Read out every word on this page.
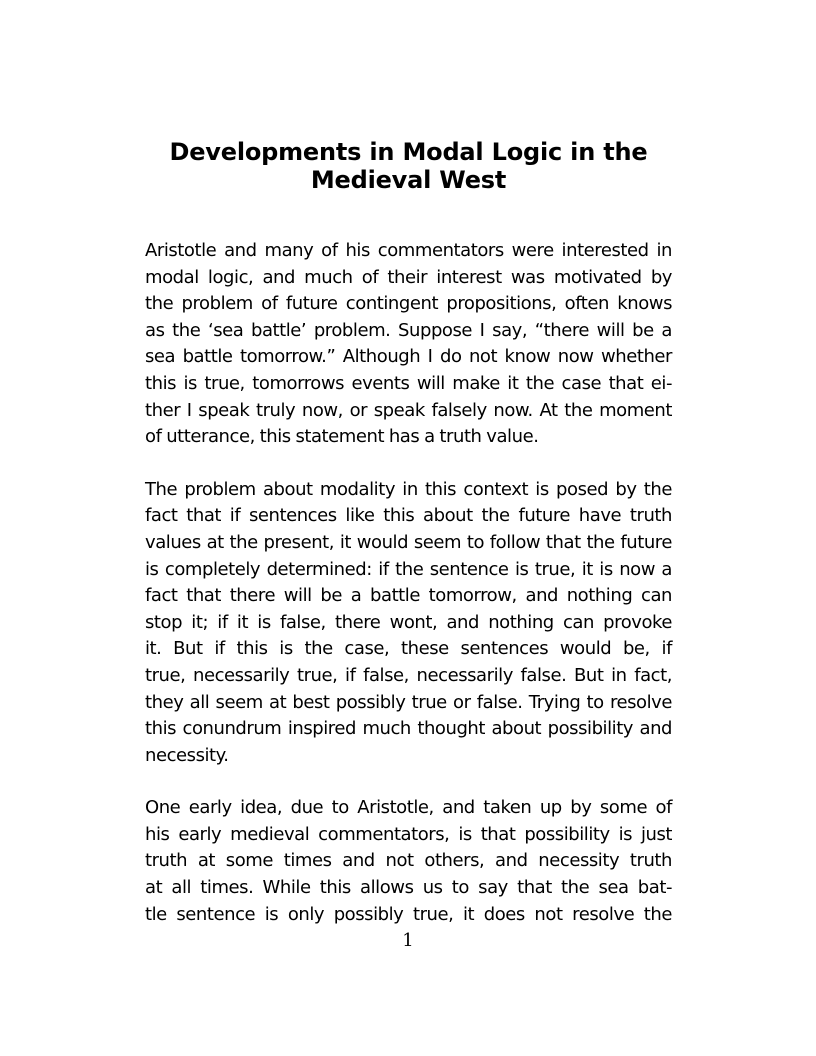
Developments in Modal Logic in the
Medieval West
Aristotle and many of his commentators were interested in
modal logic, and much of their interest was motivated by
the problem of future contingent propositions, often knows
as the ‘sea battle’ problem. Suppose I say, “there will be a
sea battle tomorrow.” Although I do not know now whether
this is true, tomorrows events will make it the case that ei-
ther I speak truly now, or speak falsely now. At the moment
of utterance, this statement has a truth value.
The problem about modality in this context is posed by the
fact that if sentences like this about the future have truth
values at the present, it would seem to follow that the future
is completely determined: if the sentence is true, it is now a
fact that there will be a battle tomorrow, and nothing can
stop it; if it is false, there wont, and nothing can provoke
it. But if this is the case, these sentences would be, if
true, necessarily true, if false, necessarily false. But in fact,
they all seem at best possibly true or false. Trying to resolve
this conundrum inspired much thought about possibility and
necessity.
One early idea, due to Aristotle, and taken up by some of
his early medieval commentators, is that possibility is just
truth at some times and not others, and necessity truth
at all times. While this allows us to say that the sea bat-
tle sentence is only possibly true, it does not resolve the
1
